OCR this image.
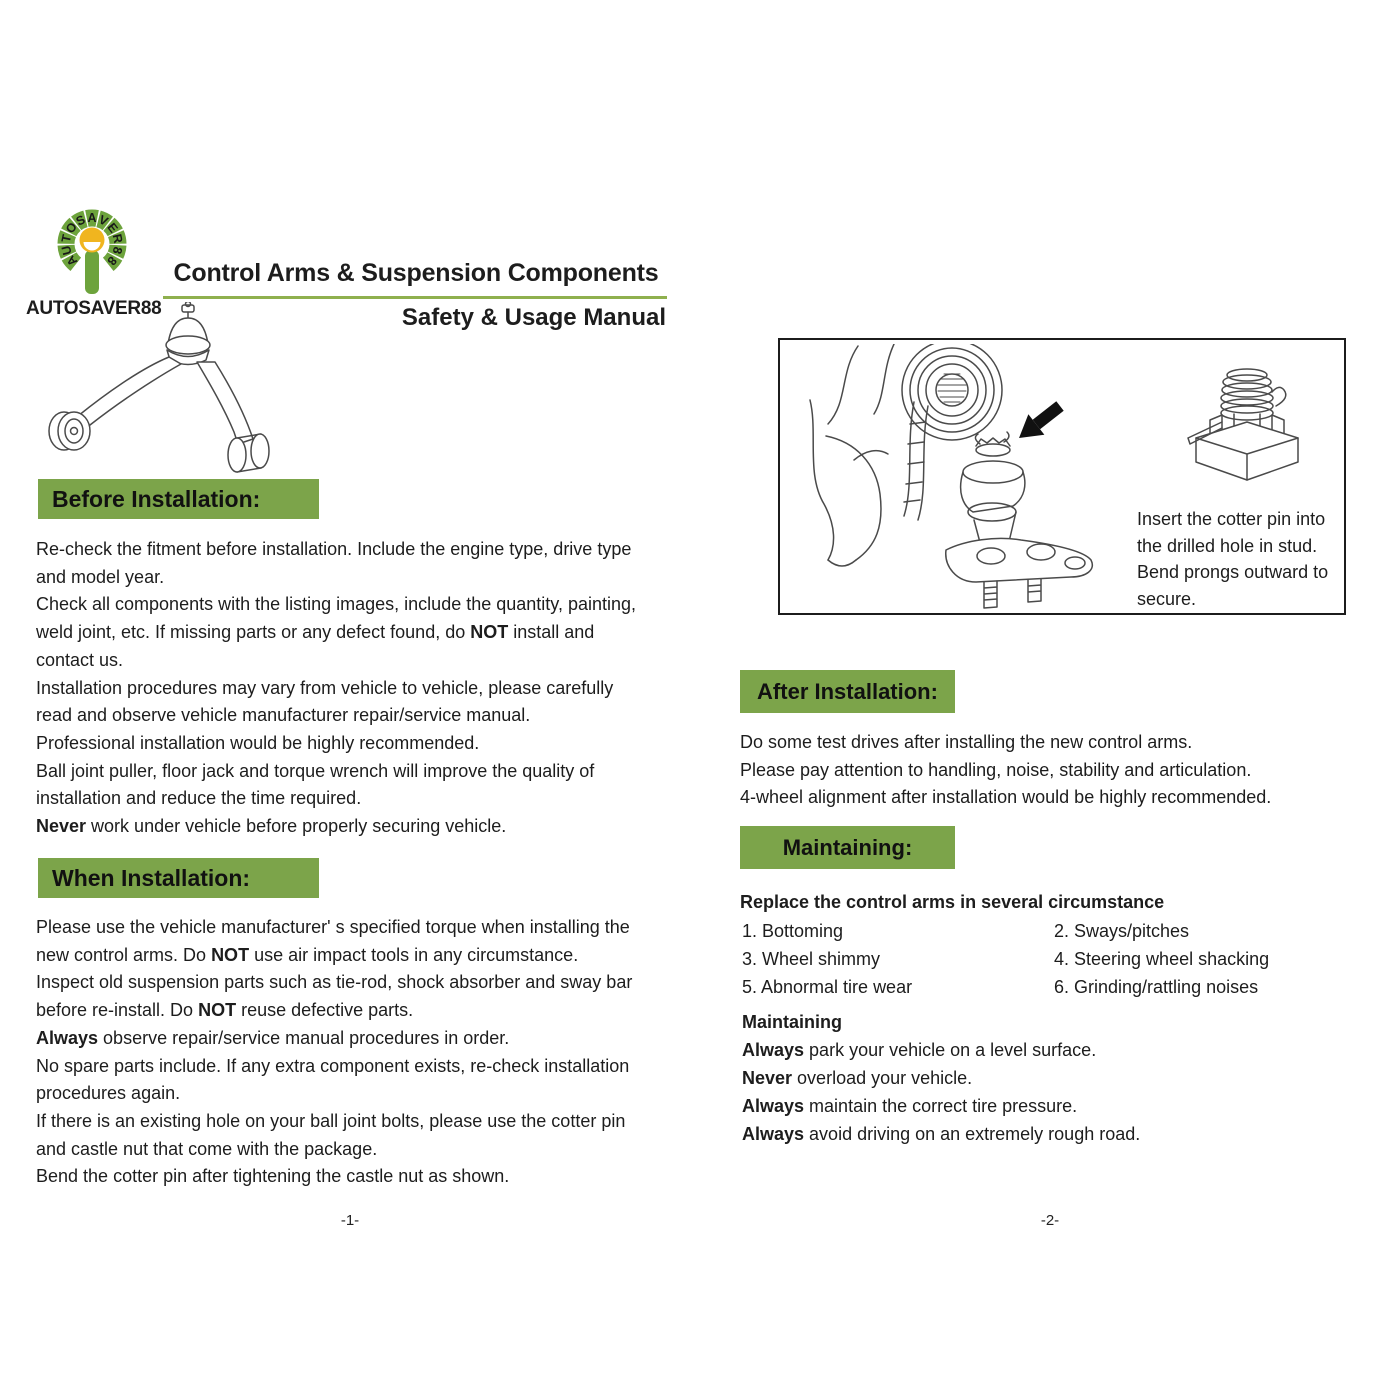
A
U
T
O
S A V
E
R
8
8
AUTOSAVER88
Control Arms & Suspension Components
Safety & Usage Manual
Before Installation:
Re-check the fitment before installation. Include the engine type, drive type
and model year.
Check all components with the listing images, include the quantity, painting,
weld joint, etc. If missing parts or any defect found, do NOT install and
contact us.
Installation procedures may vary from vehicle to vehicle, please carefully
read and observe vehicle manufacturer repair/service manual.
Professional installation would be highly recommended.
Ball joint puller, floor jack and torque wrench will improve the quality of
installation and reduce the time required.
Never work under vehicle before properly securing vehicle.
When Installation:
Please use the vehicle manufacturer' s specified torque when installing the
new control arms. Do NOT use air impact tools in any circumstance.
Inspect old suspension parts such as tie-rod, shock absorber and sway bar
before re-install. Do NOT reuse defective parts.
Always observe repair/service manual procedures in order.
No spare parts include. If any extra component exists, re-check installation
procedures again.
If there is an existing hole on your ball joint bolts, please use the cotter pin
and castle nut that come with the package.
Bend the cotter pin after tightening the castle nut as shown.
-1-
Insert the cotter pin into
the drilled hole in stud.
Bend prongs outward to
secure.
After Installation:
Do some test drives after installing the new control arms.
Please pay attention to handling, noise, stability and articulation.
4-wheel alignment after installation would be highly recommended.
Maintaining:
Replace the control arms in several circumstance
1. Bottoming	2. Sways/pitches
3. Wheel shimmy	4. Steering wheel shacking
5. Abnormal tire wear	6. Grinding/rattling noises
Maintaining
Always park your vehicle on a level surface.
Never overload your vehicle.
Always maintain the correct tire pressure.
Always avoid driving on an extremely rough road.
-2-
